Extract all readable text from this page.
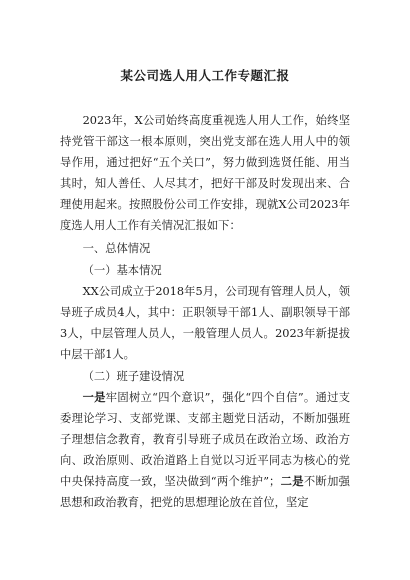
某公司选人用人工作专题汇报

2023年，X公司始终高度重视选人用人工作，始终坚持党管干部这一根本原则，突出党支部在选人用人中的领导作用，通过把好“五个关口”，努力做到选贤任能、用当其时，知人善任、人尽其才，把好干部及时发现出来、合理使用起来。按照股份公司工作安排，现就X公司2023年度选人用人工作有关情况汇报如下：

一、总体情况

（一）基本情况

XX公司成立于2018年5月，公司现有管理人员人，领导班子成员4人，其中：正职领导干部1人、副职领导干部3人，中层管理人员人，一般管理人员人。2023年新提拔中层干部1人。

（二）班子建设情况

一是牢固树立“四个意识”，强化“四个自信”。通过支委理论学习、支部党课、支部主题党日活动，不断加强班子理想信念教育，教育引导班子成员在政治立场、政治方向、政治原则、政治道路上自觉以习近平同志为核心的党中央保持高度一致，坚决做到“两个维护”；二是不断加强思想和政治教育，把党的思想理论放在首位，坚定
